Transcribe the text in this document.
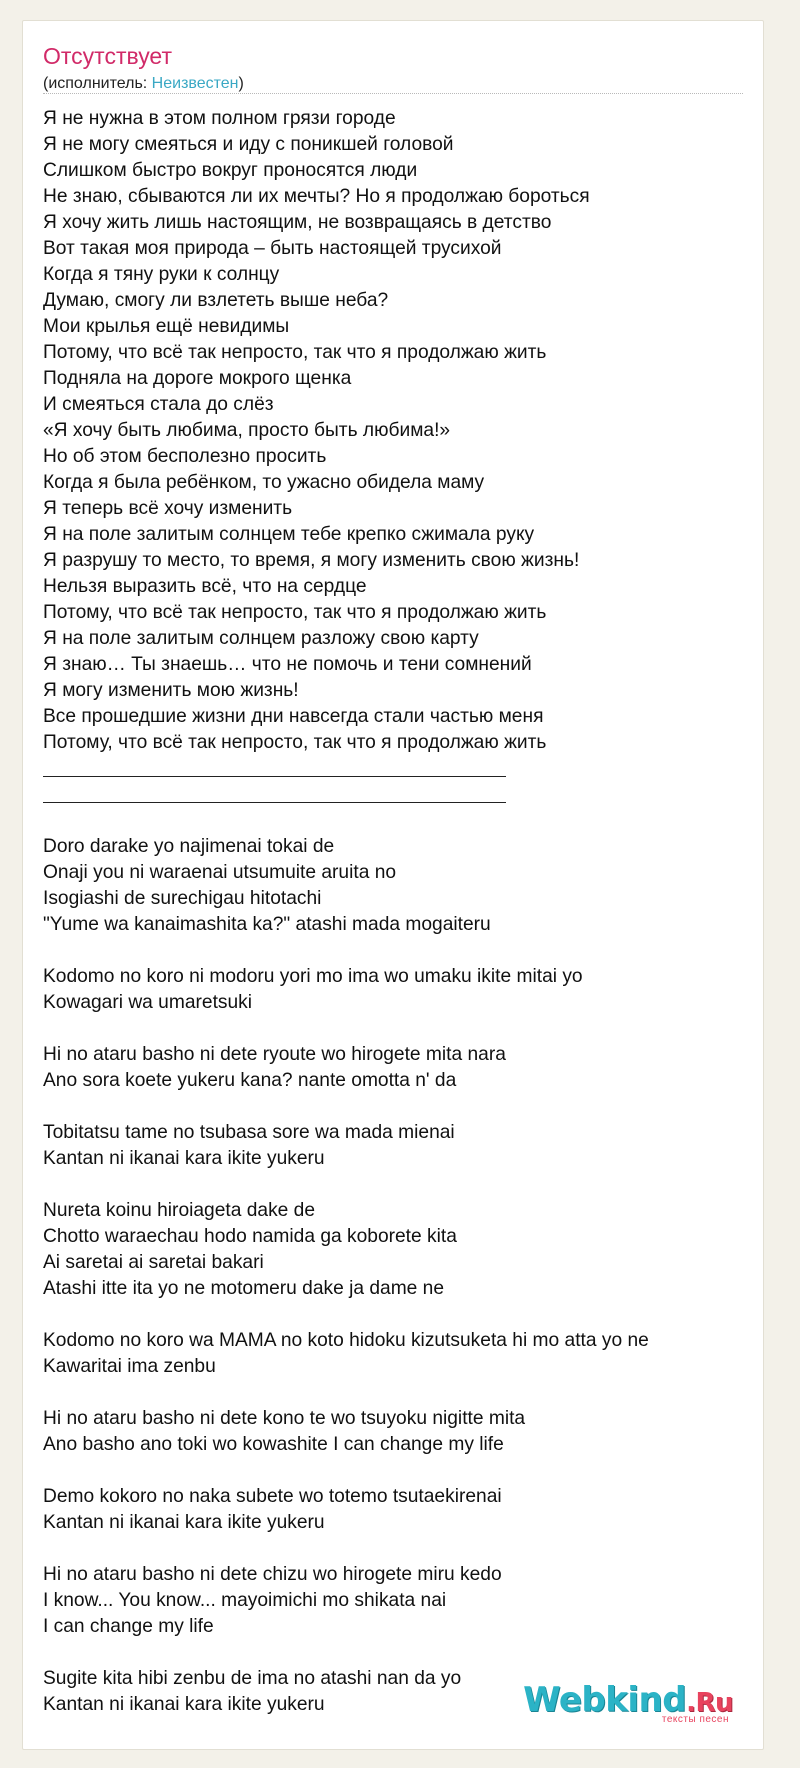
Отсутствует
(исполнитель: Неизвестен)
Я не нужна в этом полном грязи городе
Я не могу смеяться и иду с поникшей головой
Слишком быстро вокруг проносятся люди
Не знаю, сбываются ли их мечты? Но я продолжаю бороться
Я хочу жить лишь настоящим, не возвращаясь в детство
Вот такая моя природа – быть настоящей трусихой
Когда я тяну руки к солнцу
Думаю, смогу ли взлететь выше неба?
Мои крылья ещё невидимы
Потому, что всё так непросто, так что я продолжаю жить
Подняла на дороге мокрого щенка
И смеяться стала до слёз
«Я хочу быть любима, просто быть любима!»
Но об этом бесполезно просить
Когда я была ребёнком, то ужасно обидела маму
Я теперь всё хочу изменить
Я на поле залитым солнцем тебе крепко сжимала руку
Я разрушу то место, то время, я могу изменить свою жизнь!
Нельзя выразить всё, что на сердце
Потому, что всё так непросто, так что я продолжаю жить
Я на поле залитым солнцем разложу свою карту
Я знаю… Ты знаешь… что не помочь и тени сомнений
Я могу изменить мою жизнь!
Все прошедшие жизни дни навсегда стали частью меня
Потому, что всё так непросто, так что я продолжаю жить
Doro darake yo najimenai tokai de
Onaji you ni waraenai utsumuite aruita no
Isogiashi de surechigau hitotachi
"Yume wa kanaimashita ka?" atashi mada mogaiteru
Kodomo no koro ni modoru yori mo ima wo umaku ikite mitai yo
Kowagari wa umaretsuki
Hi no ataru basho ni dete ryoute wo hirogete mita nara
Ano sora koete yukeru kana? nante omotta n' da
Tobitatsu tame no tsubasa sore wa mada mienai
Kantan ni ikanai kara ikite yukeru
Nureta koinu hiroiageta dake de
Chotto waraechau hodo namida ga koborete kita
Ai saretai ai saretai bakari
Atashi itte ita yo ne motomeru dake ja dame ne
Kodomo no koro wa MAMA no koto hidoku kizutsuketa hi mo atta yo ne
Kawaritai ima zenbu
Hi no ataru basho ni dete kono te wo tsuyoku nigitte mita
Ano basho ano toki wo kowashite I can change my life
Demo kokoro no naka subete wo totemo tsutaekirenai
Kantan ni ikanai kara ikite yukeru
Hi no ataru basho ni dete chizu wo hirogete miru kedo
I know... You know... mayoimichi mo shikata nai
I can change my life
Sugite kita hibi zenbu de ima no atashi nan da yo
Kantan ni ikanai kara ikite yukeru	Webkind.Ru
тексты песен
